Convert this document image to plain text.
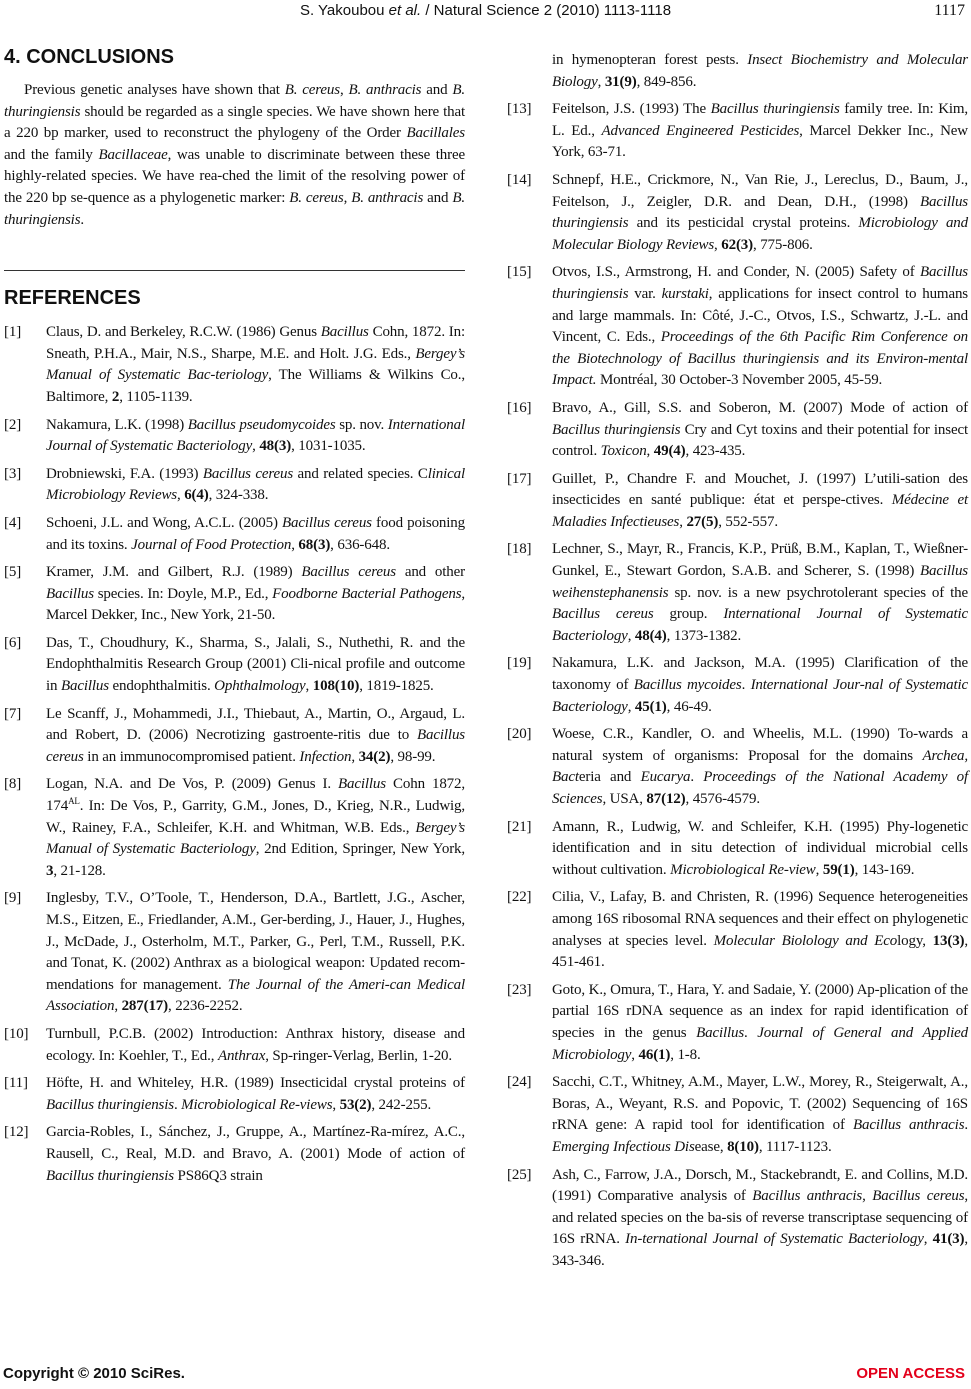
S. Yakoubou et al. / Natural Science 2 (2010) 1113-1118	1117
4. CONCLUSIONS

Previous genetic analyses have shown that B. cereus, B. anthracis and B. thuringiensis should be regarded as a single species. We have shown here that a 220 bp marker, used to reconstruct the phylogeny of the Order Bacillales and the family Bacillaceae, was unable to discriminate between these three highly-related species. We have rea-ched the limit of the resolving power of the 220 bp se-quence as a phylogenetic marker: B. cereus, B. anthracis and B. thuringiensis.

REFERENCES
[1] Claus, D. and Berkeley, R.C.W. (1986) Genus Bacillus Cohn, 1872. In: Sneath, P.H.A., Mair, N.S., Sharpe, M.E. and Holt. J.G. Eds., Bergey’s Manual of Systematic Bac-teriology, The Williams & Wilkins Co., Baltimore, 2, 1105-1139.
[2] Nakamura, L.K. (1998) Bacillus pseudomycoides sp. nov. International Journal of Systematic Bacteriology, 48(3), 1031-1035.
[3] Drobniewski, F.A. (1993) Bacillus cereus and related species. Clinical Microbiology Reviews, 6(4), 324-338.
[4] Schoeni, J.L. and Wong, A.C.L. (2005) Bacillus cereus food poisoning and its toxins. Journal of Food Protection, 68(3), 636-648.
[5] Kramer, J.M. and Gilbert, R.J. (1989) Bacillus cereus and other Bacillus species. In: Doyle, M.P., Ed., Foodborne Bacterial Pathogens, Marcel Dekker, Inc., New York, 21-50.
[6] Das, T., Choudhury, K., Sharma, S., Jalali, S., Nuthethi, R. and the Endophthalmitis Research Group (2001) Cli-nical profile and outcome in Bacillus endophthalmitis. Ophthalmology, 108(10), 1819-1825.
[7] Le Scanff, J., Mohammedi, J.I., Thiebaut, A., Martin, O., Argaud, L. and Robert, D. (2006) Necrotizing gastroente-ritis due to Bacillus cereus in an immunocompromised patient. Infection, 34(2), 98-99.
[8] Logan, N.A. and De Vos, P. (2009) Genus I. Bacillus Cohn 1872, $174^{AL}$. In: De Vos, P., Garrity, G.M., Jones, D., Krieg, N.R., Ludwig, W., Rainey, F.A., Schleifer, K.H. and Whitman, W.B. Eds., Bergey’s Manual of Systematic Bacteriology, 2nd Edition, Springer, New York, 3, 21-128.
[9] Inglesby, T.V., O’Toole, T., Henderson, D.A., Bartlett, J.G., Ascher, M.S., Eitzen, E., Friedlander, A.M., Ger-berding, J., Hauer, J., Hughes, J., McDade, J., Osterholm, M.T., Parker, G., Perl, T.M., Russell, P.K. and Tonat, K. (2002) Anthrax as a biological weapon: Updated recom-mendations for management. The Journal of the Ameri-can Medical Association, 287(17), 2236-2252.
[10] Turnbull, P.C.B. (2002) Introduction: Anthrax history, disease and ecology. In: Koehler, T., Ed., Anthrax, Sp-ringer-Verlag, Berlin, 1-20.
[11] Höfte, H. and Whiteley, H.R. (1989) Insecticidal crystal proteins of Bacillus thuringiensis. Microbiological Re-views, 53(2), 242-255.
[12] Garcia-Robles, I., Sánchez, J., Gruppe, A., Martínez-Ra-mírez, A.C., Rausell, C., Real, M.D. and Bravo, A. (2001) Mode of action of Bacillus thuringiensis PS86Q3 strain
in hymenopteran forest pests. Insect Biochemistry and Molecular Biology, 31(9), 849-856.
[13] Feitelson, J.S. (1993) The Bacillus thuringiensis family tree. In: Kim, L. Ed., Advanced Engineered Pesticides, Marcel Dekker Inc., New York, 63-71.
[14] Schnepf, H.E., Crickmore, N., Van Rie, J., Lereclus, D., Baum, J., Feitelson, J., Zeigler, D.R. and Dean, D.H., (1998) Bacillus thuringiensis and its pesticidal crystal proteins. Microbiology and Molecular Biology Reviews, 62(3), 775-806.
[15] Otvos, I.S., Armstrong, H. and Conder, N. (2005) Safety of Bacillus thuringiensis var. kurstaki, applications for insect control to humans and large mammals. In: Côté, J.-C., Otvos, I.S., Schwartz, J.-L. and Vincent, C. Eds., Proceedings of the 6th Pacific Rim Conference on the Biotechnology of Bacillus thuringiensis and its Environ-mental Impact. Montréal, 30 October-3 November 2005, 45-59.
[16] Bravo, A., Gill, S.S. and Soberon, M. (2007) Mode of action of Bacillus thuringiensis Cry and Cyt toxins and their potential for insect control. Toxicon, 49(4), 423-435.
[17] Guillet, P., Chandre F. and Mouchet, J. (1997) L’utili-sation des insecticides en santé publique: état et perspe-ctives. Médecine et Maladies Infectieuses, 27(5), 552-557.
[18] Lechner, S., Mayr, R., Francis, K.P., Prüß, B.M., Kaplan, T., Wießner-Gunkel, E., Stewart Gordon, S.A.B. and Scherer, S. (1998) Bacillus weihenstephanensis sp. nov. is a new psychrotolerant species of the Bacillus cereus group. International Journal of Systematic Bacteriology, 48(4), 1373-1382.
[19] Nakamura, L.K. and Jackson, M.A. (1995) Clarification of the taxonomy of Bacillus mycoides. International Jour-nal of Systematic Bacteriology, 45(1), 46-49.
[20] Woese, C.R., Kandler, O. and Wheelis, M.L. (1990) To-wards a natural system of organisms: Proposal for the domains Archea, Bacteria and Eucarya. Proceedings of the National Academy of Sciences, USA, 87(12), 4576-4579.
[21] Amann, R., Ludwig, W. and Schleifer, K.H. (1995) Phy-logenetic identification and in situ detection of individual microbial cells without cultivation. Microbiological Re-view, 59(1), 143-169.
[22] Cilia, V., Lafay, B. and Christen, R. (1996) Sequence heterogeneities among 16S ribosomal RNA sequences and their effect on phylogenetic analyses at species level. Molecular Biolology and Ecology, 13(3), 451-461.
[23] Goto, K., Omura, T., Hara, Y. and Sadaie, Y. (2000) Ap-plication of the partial 16S rDNA sequence as an index for rapid identification of species in the genus Bacillus. Journal of General and Applied Microbiology, 46(1), 1-8.
[24] Sacchi, C.T., Whitney, A.M., Mayer, L.W., Morey, R., Steigerwalt, A., Boras, A., Weyant, R.S. and Popovic, T. (2002) Sequencing of 16S rRNA gene: A rapid tool for identification of Bacillus anthracis. Emerging Infectious Disease, 8(10), 1117-1123.
[25] Ash, C., Farrow, J.A., Dorsch, M., Stackebrandt, E. and Collins, M.D. (1991) Comparative analysis of Bacillus anthracis, Bacillus cereus, and related species on the ba-sis of reverse transcriptase sequencing of 16S rRNA. In-ternational Journal of Systematic Bacteriology, 41(3), 343-346.
Copyright © 2010 SciRes.	OPEN ACCESS
